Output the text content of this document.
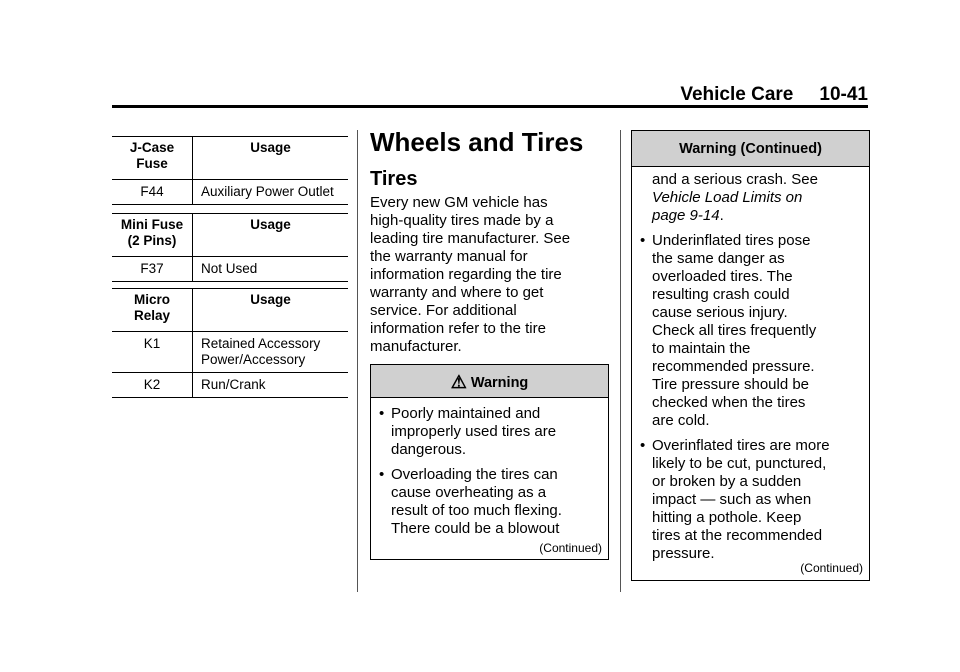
Vehicle Care 10-41
J-Case
Fuse	Usage
F44	Auxiliary Power Outlet
Mini Fuse
(2 Pins)	Usage
F37	Not Used
Micro
Relay	Usage
K1	Retained Accessory
Power/Accessory
K2	Run/Crank
Wheels and Tires
Tires
Every new GM vehicle has
high-quality tires made by a
leading tire manufacturer. See
the warranty manual for
information regarding the tire
warranty and where to get
service. For additional
information refer to the tire
manufacturer.
⚠ Warning
• Poorly maintained and
improperly used tires are
dangerous.
• Overloading the tires can
cause overheating as a
result of too much flexing.
There could be a blowout
(Continued)
Warning (Continued)
and a serious crash. See
Vehicle Load Limits on
page 9-14.
• Underinflated tires pose
the same danger as
overloaded tires. The
resulting crash could
cause serious injury.
Check all tires frequently
to maintain the
recommended pressure.
Tire pressure should be
checked when the tires
are cold.
• Overinflated tires are more
likely to be cut, punctured,
or broken by a sudden
impact — such as when
hitting a pothole. Keep
tires at the recommended
pressure.
(Continued)
